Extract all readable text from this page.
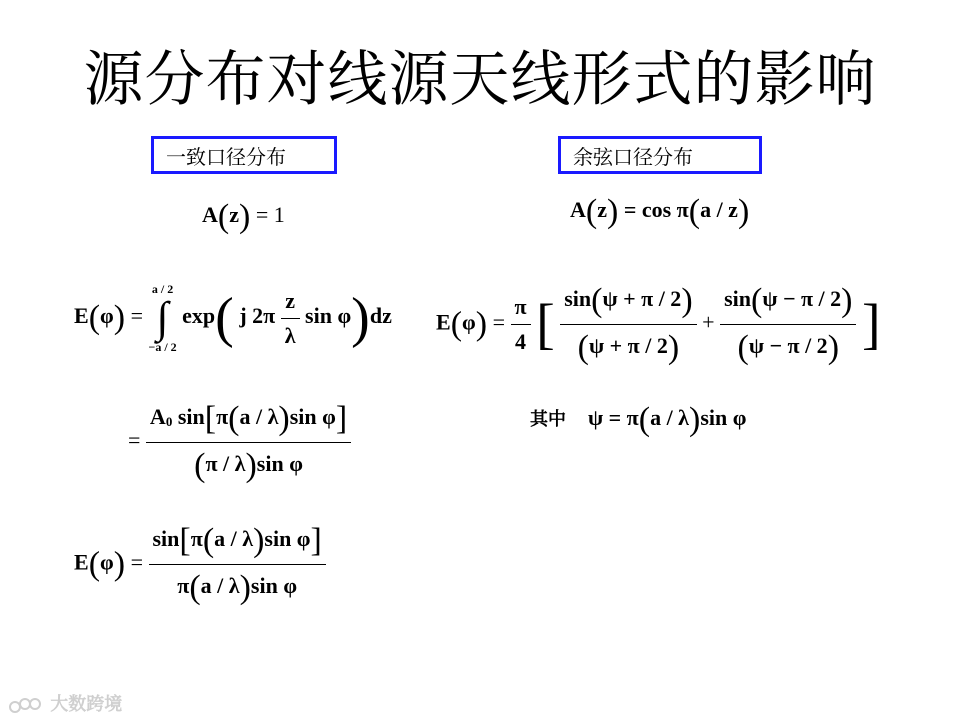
源分布对线源天线形式的影响
一致口径分布	余弦口径分布
A(z) = 1	A(z) = cos π(a / z)
E(φ) = a / 2
∫
−a / 2 exp( j $2\pi \frac{z}{\lambda}$ sin φ)dz $E(\varphi) = \frac{\pi}{4}$ [ $\frac{\sin(\psi + \pi / 2)}{(\psi + \pi / 2)} + \frac{\sin(\psi - \pi / 2)}{(\psi - \pi / 2)}$ ]
= $\frac{\text{A0 sin[π(a / λ)sin φ]}}{\text{(π / λ)sin φ}}$	其中 ψ = π(a / λ)sin φ
$E(\varphi) = \frac{\text{sin[π(a / λ)sin φ]}}{\text{π(a / λ)sin φ}}$
大数跨境
